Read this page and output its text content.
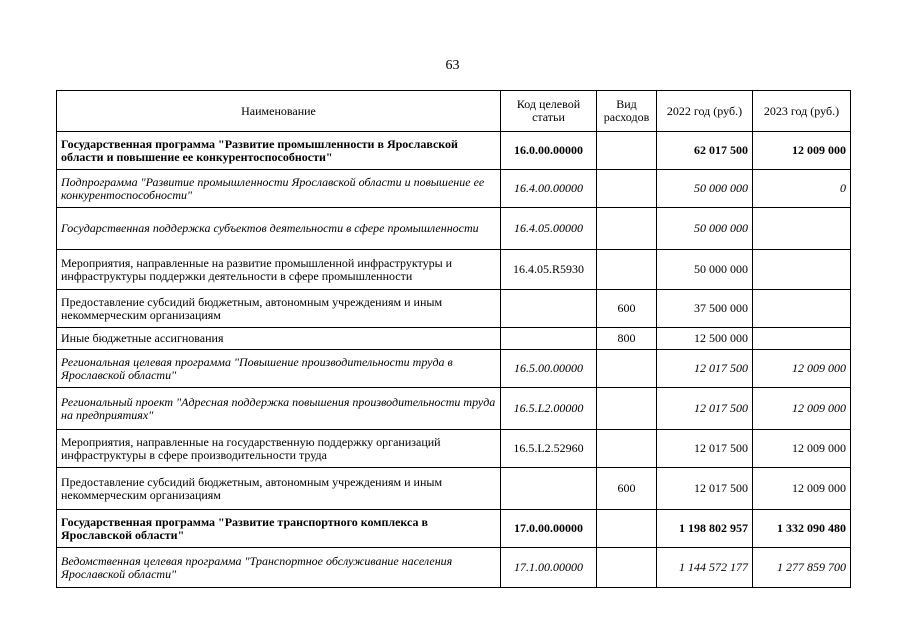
63
Наименование	Код целевой статьи	Вид расходов	2022 год (руб.)	2023 год (руб.)
Государственная программа "Развитие промышленности в Ярославской области и повышение ее конкурентоспособности"	16.0.00.00000		62 017 500	12 009 000
Подпрограмма "Развитие промышленности Ярославской области и повышение ее конкурентоспособности"	16.4.00.00000		50 000 000	0
Государственная поддержка субъектов деятельности в сфере промышленности	16.4.05.00000		50 000 000	
Мероприятия, направленные на развитие промышленной инфраструктуры и инфраструктуры поддержки деятельности в сфере промышленности	16.4.05.R5930		50 000 000	
Предоставление субсидий бюджетным, автономным учреждениям и иным некоммерческим организациям		600	37 500 000	
Иные бюджетные ассигнования		800	12 500 000	
Региональная целевая программа "Повышение производительности труда в Ярославской области"	16.5.00.00000		12 017 500	12 009 000
Региональный проект "Адресная поддержка повышения производительности труда на предприятиях"	16.5.L2.00000		12 017 500	12 009 000
Мероприятия, направленные на государственную поддержку организаций инфраструктуры в сфере производительности труда	16.5.L2.52960		12 017 500	12 009 000
Предоставление субсидий бюджетным, автономным учреждениям и иным некоммерческим организациям		600	12 017 500	12 009 000
Государственная программа "Развитие транспортного комплекса в Ярославской области"	17.0.00.00000		1 198 802 957	1 332 090 480
Ведомственная целевая программа "Транспортное обслуживание населения Ярославской области"	17.1.00.00000		1 144 572 177	1 277 859 700
